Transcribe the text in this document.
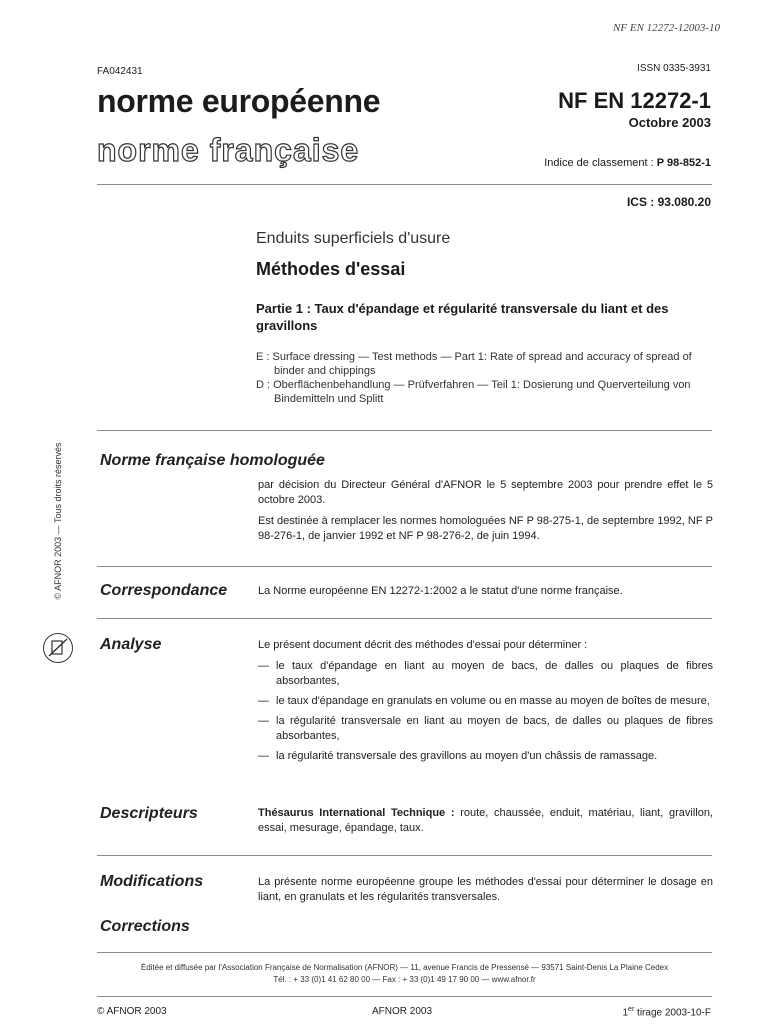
NF EN 12272-12003-10
FA042431	ISSN 0335-3931
norme européenne
norme française
NF EN 12272-1
Octobre 2003
Indice de classement : P 98-852-1
ICS : 93.080.20
Enduits superficiels d'usure
Méthodes d'essai
Partie 1 : Taux d'épandage et régularité transversale du liant et des gravillons

E : Surface dressing — Test methods — Part 1: Rate of spread and accuracy of spread of binder and chippings

D : Oberflächenbehandlung — Prüfverfahren — Teil 1: Dosierung und Querverteilung von Bindemitteln und Splitt

© AFNOR 2003 — Tous droits réservés Norme française homologuée

par décision du Directeur Général d'AFNOR le 5 septembre 2003 pour prendre effet le 5 octobre 2003.

Est destinée à remplacer les normes homologuées NF P 98-275-1, de septembre 1992, NF P 98-276-1, de janvier 1992 et NF P 98-276-2, de juin 1994.

Correspondance	La Norme européenne EN 12272-1:2002 a le statut d'une norme française.
Analyse	Le présent document décrit des méthodes d'essai pour déterminer :
— le taux d'épandage en liant au moyen de bacs, de dalles ou plaques de fibres absorbantes,
— le taux d'épandage en granulats en volume ou en masse au moyen de boîtes de mesure,
— la régularité transversale en liant au moyen de bacs, de dalles ou plaques de fibres absorbantes,
— la régularité transversale des gravillons au moyen d'un châssis de ramassage.
Descripteurs	Thésaurus International Technique : route, chaussée, enduit, matériau, liant, gravillon, essai, mesurage, épandage, taux.
Modifications	La présente norme européenne groupe les méthodes d'essai pour déterminer le dosage en liant, en granulats et les régularités transversales.
Corrections
Éditée et diffusée par l'Association Française de Normalisation (AFNOR) — 11, avenue Francis de Pressensé — 93571 Saint-Denis La Plaine Cedex
Tél. : + 33 (0)1 41 62 80 00 — Fax : + 33 (0)1 49 17 90 00 — www.afnor.fr
© AFNOR 2003	AFNOR 2003	1er tirage 2003-10-F
